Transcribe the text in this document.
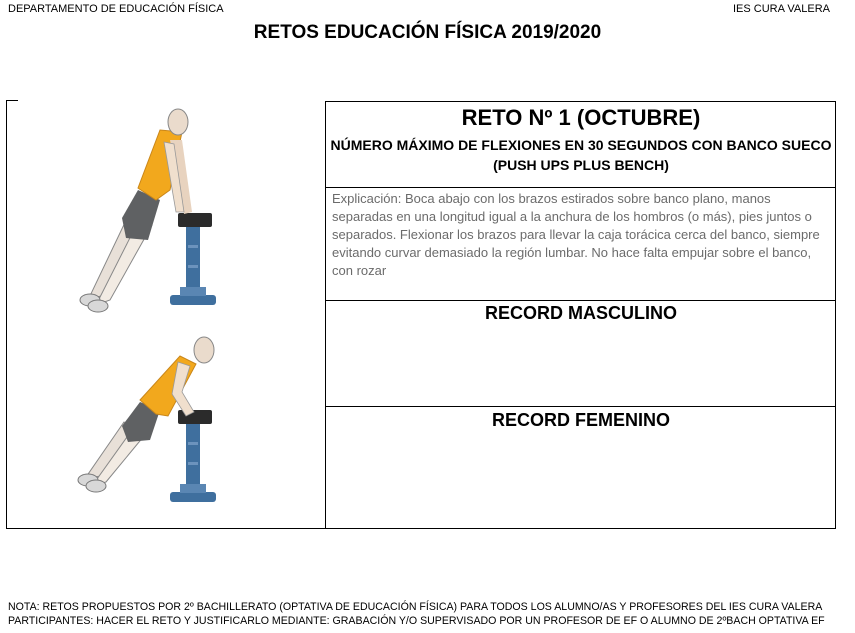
DEPARTAMENTO DE EDUCACIÓN FÍSICA	IES CURA VALERA
RETOS EDUCACIÓN FÍSICA 2019/2020
RETO Nº 1 (OCTUBRE)
NÚMERO MÁXIMO DE FLEXIONES EN 30 SEGUNDOS CON BANCO SUECO
(PUSH UPS PLUS BENCH)
Explicación: Boca abajo con los brazos estirados sobre banco plano, manos separadas en una longitud igual a la anchura de los hombros (o más), pies juntos o separados. Flexionar los brazos para llevar la caja torácica cerca del banco, siempre evitando curvar demasiado la región lumbar. No hace falta empujar sobre el banco, con rozar
RECORD MASCULINO
RECORD FEMENINO
NOTA: RETOS PROPUESTOS POR 2º BACHILLERATO (OPTATIVA DE EDUCACIÓN FÍSICA) PARA TODOS LOS ALUMNO/AS Y PROFESORES DEL IES CURA VALERA
PARTICIPANTES: HACER EL RETO Y JUSTIFICARLO MEDIANTE: GRABACIÓN Y/O SUPERVISADO POR UN PROFESOR DE EF O ALUMNO DE 2ºBACH OPTATIVA EF
